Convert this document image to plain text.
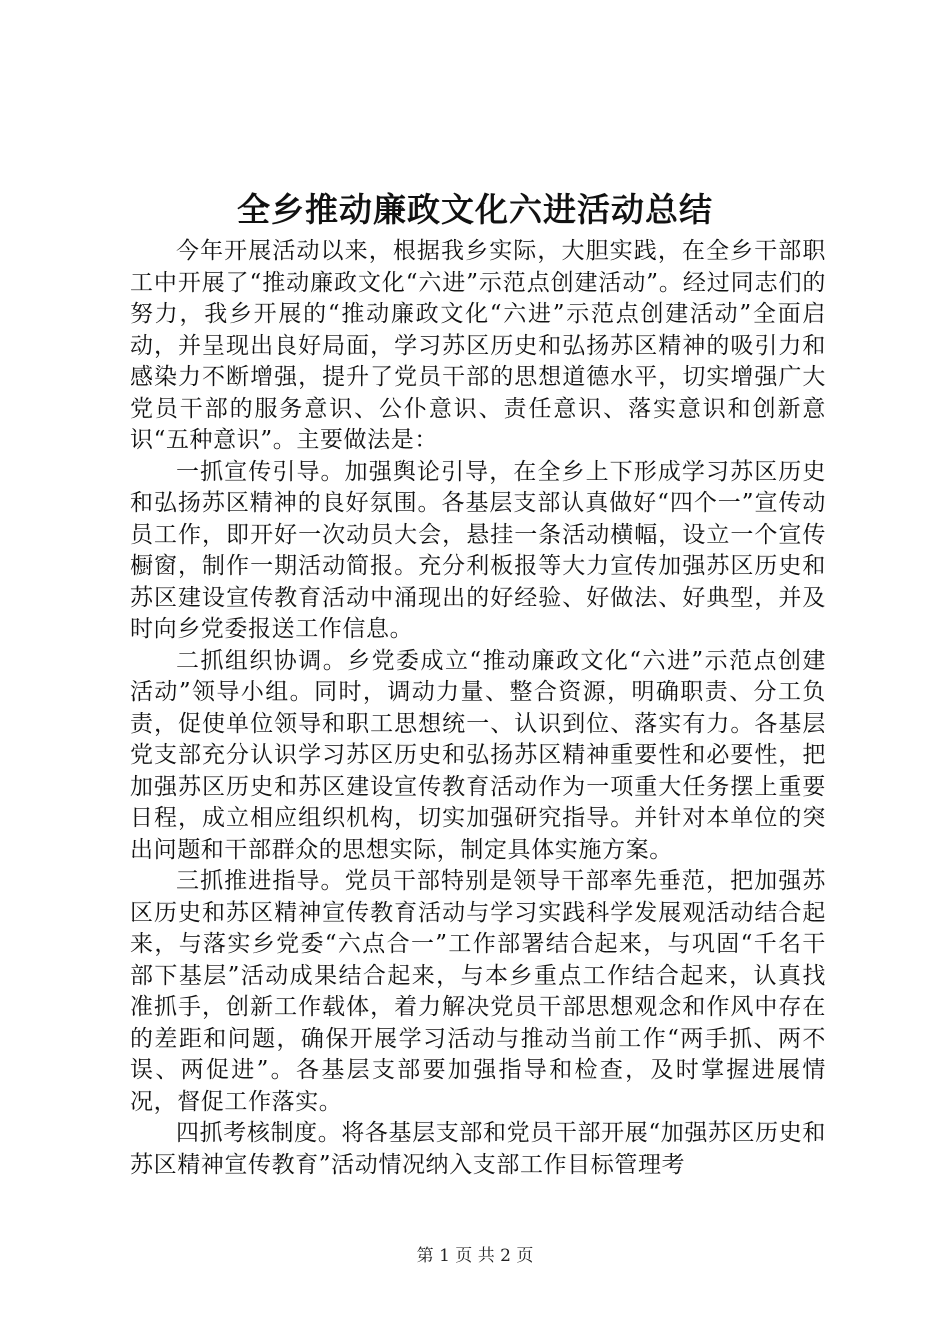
全乡推动廉政文化六进活动总结

今年开展活动以来，根据我乡实际，大胆实践，在全乡干部职工中开展了“推动廉政文化“六进”示范点创建活动”。经过同志们的努力，我乡开展的“推动廉政文化“六进”示范点创建活动”全面启动，并呈现出良好局面，学习苏区历史和弘扬苏区精神的吸引力和感染力不断增强，提升了党员干部的思想道德水平，切实增强广大党员干部的服务意识、公仆意识、责任意识、落实意识和创新意识“五种意识”。主要做法是：

一抓宣传引导。加强舆论引导，在全乡上下形成学习苏区历史和弘扬苏区精神的良好氛围。各基层支部认真做好“四个一”宣传动员工作，即开好一次动员大会，悬挂一条活动横幅，设立一个宣传橱窗，制作一期活动简报。充分利板报等大力宣传加强苏区历史和苏区建设宣传教育活动中涌现出的好经验、好做法、好典型，并及时向乡党委报送工作信息。

二抓组织协调。乡党委成立“推动廉政文化“六进”示范点创建活动”领导小组。同时，调动力量、整合资源，明确职责、分工负责，促使单位领导和职工思想统一、认识到位、落实有力。各基层党支部充分认识学习苏区历史和弘扬苏区精神重要性和必要性，把加强苏区历史和苏区建设宣传教育活动作为一项重大任务摆上重要日程，成立相应组织机构，切实加强研究指导。并针对本单位的突出问题和干部群众的思想实际，制定具体实施方案。

三抓推进指导。党员干部特别是领导干部率先垂范，把加强苏区历史和苏区精神宣传教育活动与学习实践科学发展观活动结合起来，与落实乡党委“六点合一”工作部署结合起来，与巩固“千名干部下基层”活动成果结合起来，与本乡重点工作结合起来，认真找准抓手，创新工作载体，着力解决党员干部思想观念和作风中存在的差距和问题，确保开展学习活动与推动当前工作“两手抓、两不误、两促进”。各基层支部要加强指导和检查，及时掌握进展情况，督促工作落实。

四抓考核制度。将各基层支部和党员干部开展“加强苏区历史和苏区精神宣传教育”活动情况纳入支部工作目标管理考

第 1 页 共 2 页
